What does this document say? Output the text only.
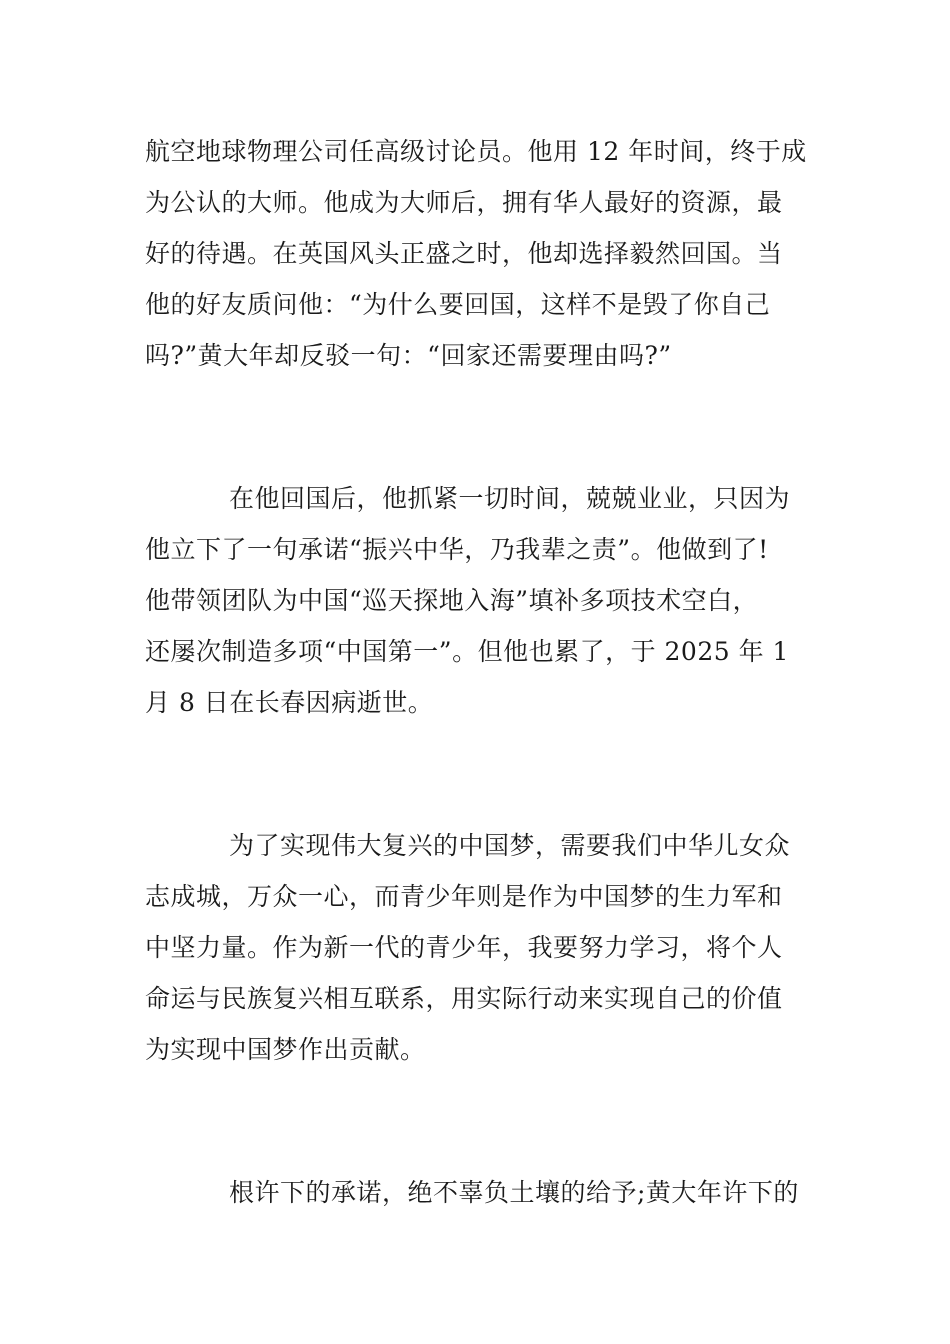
航空地球物理公司任高级讨论员。他用 12 年时间，终于成
为公认的大师。他成为大师后，拥有华人最好的资源，最
好的待遇。在英国风头正盛之时，他却选择毅然回国。当
他的好友质问他：“为什么要回国，这样不是毁了你自己
吗?”黄大年却反驳一句：“回家还需要理由吗?”
在他回国后，他抓紧一切时间，兢兢业业，只因为
他立下了一句承诺“振兴中华，乃我辈之责”。他做到了!
他带领团队为中国“巡天探地入海”填补多项技术空白，
还屡次制造多项“中国第一”。但他也累了，于 2025 年 1
月 8 日在长春因病逝世。
为了实现伟大复兴的中国梦，需要我们中华儿女众
志成城，万众一心，而青少年则是作为中国梦的生力军和
中坚力量。作为新一代的青少年，我要努力学习，将个人
命运与民族复兴相互联系，用实际行动来实现自己的价值
为实现中国梦作出贡献。
根许下的承诺，绝不辜负土壤的给予;黄大年许下的
